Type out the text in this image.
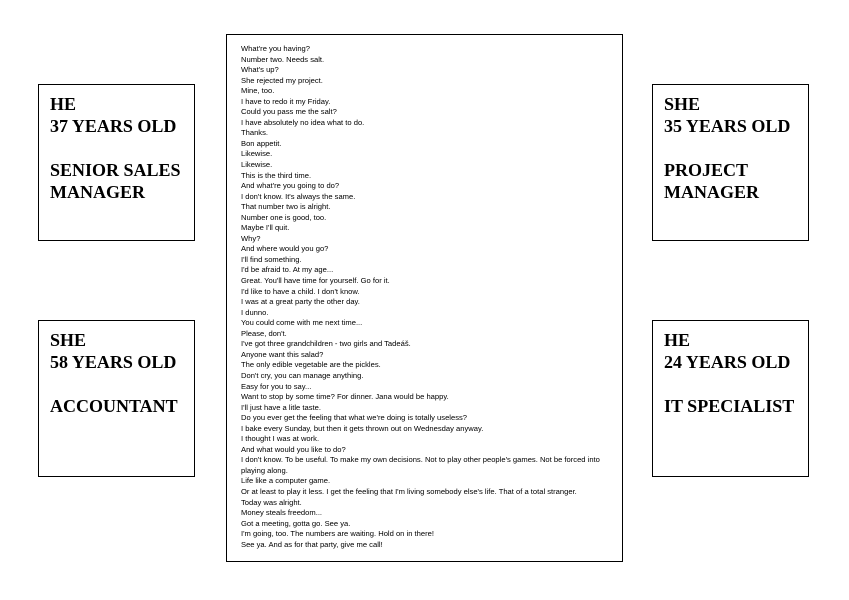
HE
37 YEARS OLD
SENIOR SALES
MANAGER
SHE
35 YEARS OLD
PROJECT
MANAGER
SHE
58 YEARS OLD
ACCOUNTANT
HE
24 YEARS OLD
IT SPECIALIST
What're you having?
Number two. Needs salt.
What's up?
She rejected my project.
Mine, too.
I have to redo it my Friday.
Could you pass me the salt?
I have absolutely no idea what to do.
Thanks.
Bon appetit.
Likewise.
Likewise.
This is the third time.
And what're you going to do?
I don't know. It's always the same.
That number two is alright.
Number one is good, too.
Maybe I'll quit.
Why?
And where would you go?
I'll find something.
I'd be afraid to. At my age...
Great. You'll have time for yourself. Go for it.
I'd like to have a child. I don't know.
I was at a great party the other day.
I dunno.
You could come with me next time...
Please, don't.
I've got three grandchildren - two girls and Tadeáš.
Anyone want this salad?
The only edible vegetable are the pickles.
Don't cry, you can manage anything.
Easy for you to say...
Want to stop by some time? For dinner. Jana would be happy.
I'll just have a litle taste.
Do you ever get the feeling that what we're doing is totally useless?
I bake every Sunday, but then it gets thrown out on Wednesday anyway.
I thought I was at work.
And what would you like to do?
I don't know. To be useful. To make my own decisions. Not to play other people's games. Not be forced into playing along.
Life like a computer game.
Or at least to play it less. I get the feeling that I'm living somebody else's life. That of a total stranger.
Today was alright.
Money steals freedom...
Got a meeting, gotta go. See ya.
I'm going, too. The numbers are waiting. Hold on in there!
See ya. And as for that party, give me call!
